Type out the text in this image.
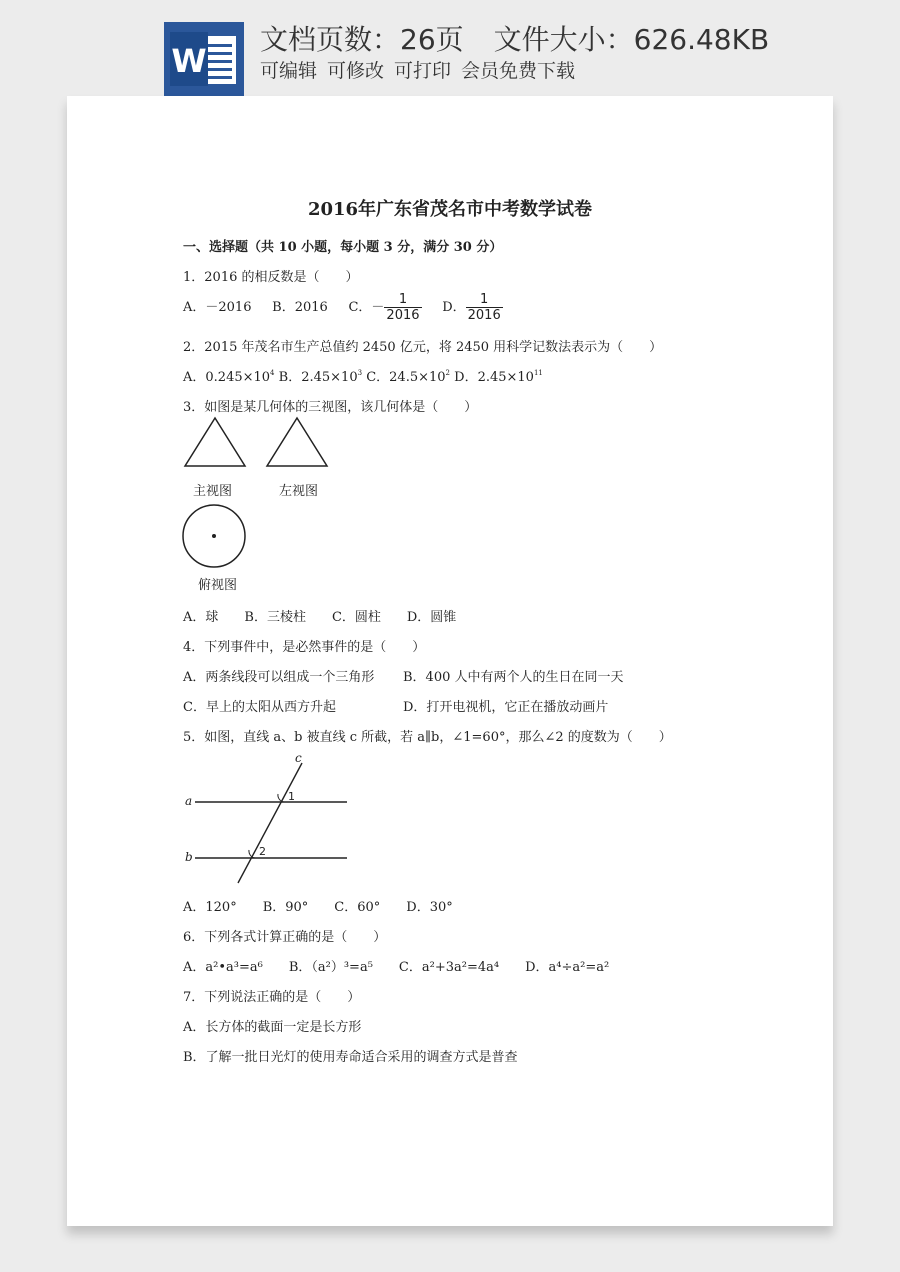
W
文档页数：26页 文件大小：626.48KB
可编辑 可修改 可打印 会员免费下载
2016年广东省茂名市中考数学试卷
一、选择题（共 10 小题，每小题 3 分，满分 30 分）
1．2016 的相反数是（　　）
A．－2016 B．2016 C．－ $\frac{1}{2016}$ D． $\frac{1}{2016}$
2．2015 年茂名市生产总值约 2450 亿元，将 2450 用科学记数法表示为（　　）
A．$0.245\times 10^4$ B．$2.45\times 10^3$ C．$24.5\times 10^2$ D．$2.45\times 10^{11}$
3．如图是某几何体的三视图，该几何体是（　　）
主视图	左视图
俯视图
A．球　　B．三棱柱　　C．圆柱　　D．圆锥
4．下列事件中，是必然事件的是（　　）
A．两条线段可以组成一个三角形 B．400 人中有两个人的生日在同一天
C．早上的太阳从西方升起	D．打开电视机，它正在播放动画片
5．如图，直线 a、b 被直线 c 所截，若 a∥b，∠1=60°，那么∠2 的度数为（　　）
a
b
c
1
2
A．120°　　B．90°　　C．60°　　D．30°
6．下列各式计算正确的是（　　）
A．a²•a³=a⁶　　B．（a²）³=a⁵　　C．a²+3a²=4a⁴　　D．a⁴÷a²=a²
7．下列说法正确的是（　　）
A．长方体的截面一定是长方形
B．了解一批日光灯的使用寿命适合采用的调查方式是普查
